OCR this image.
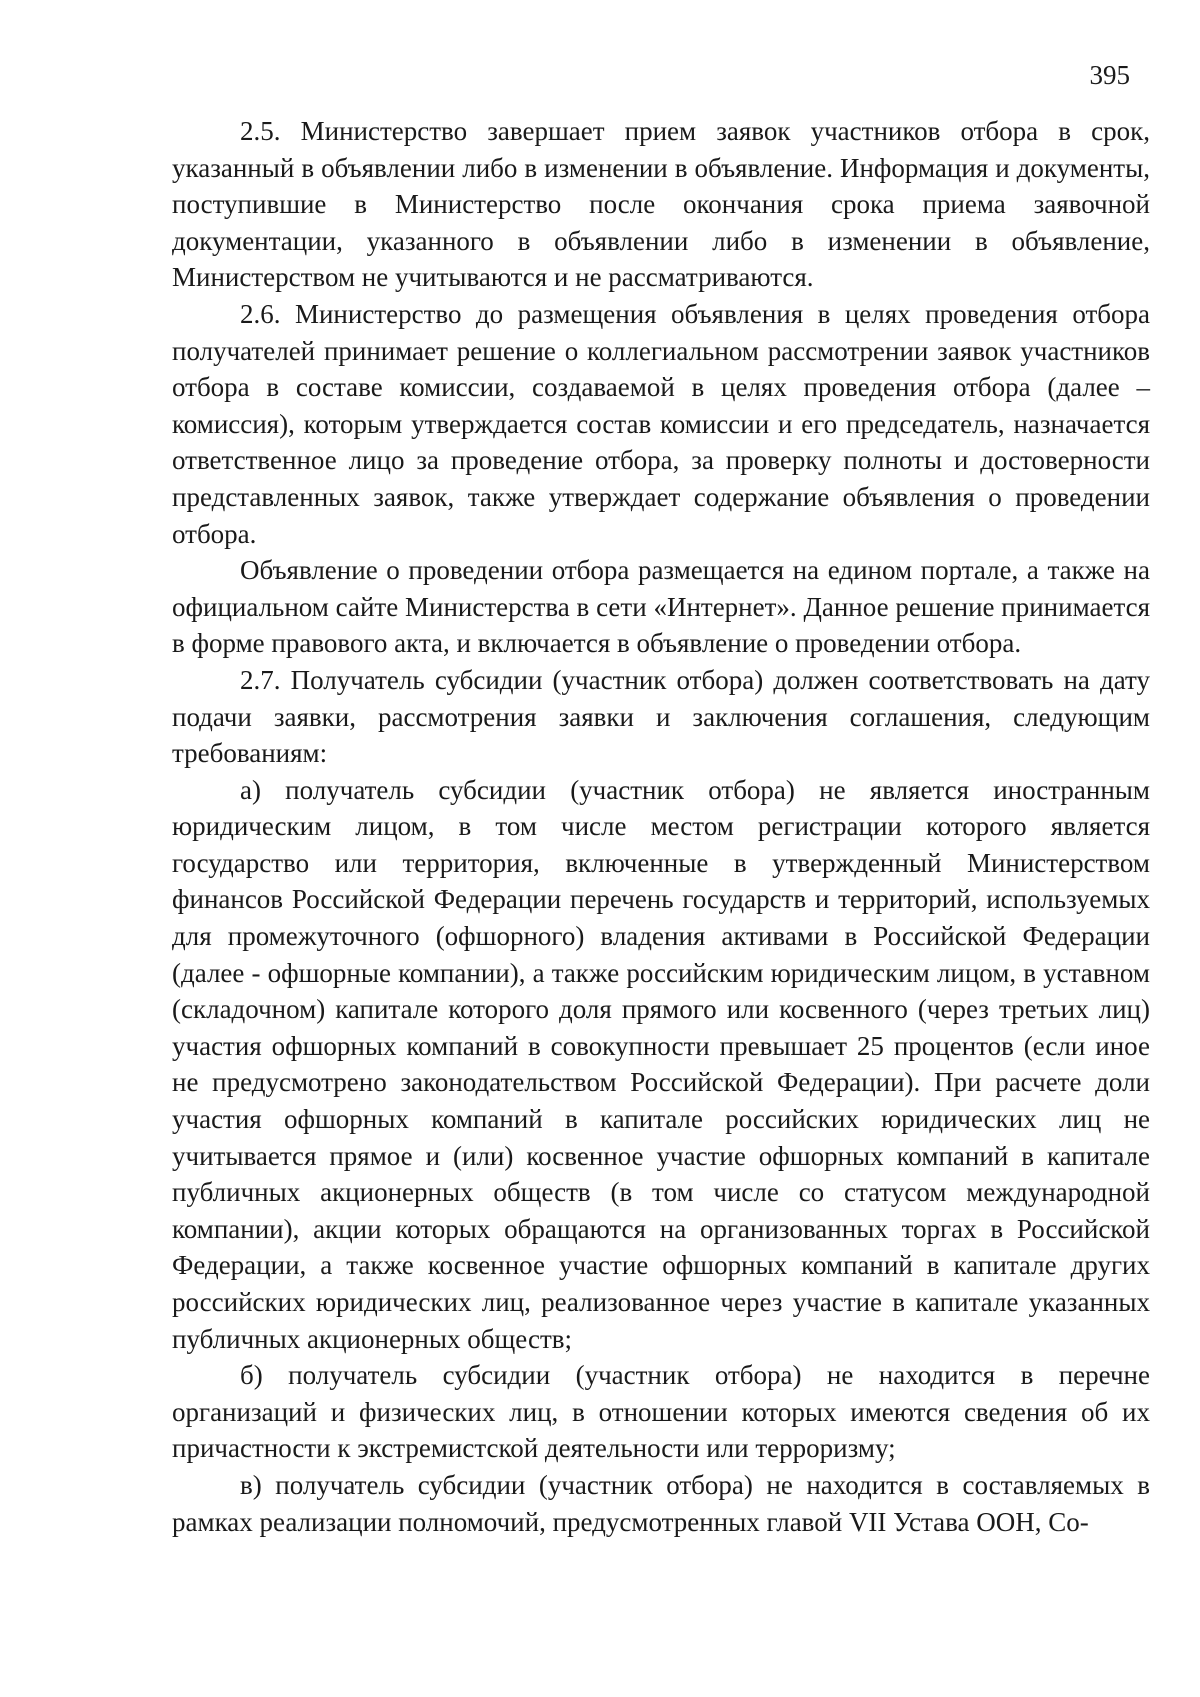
395

2.5. Министерство завершает прием заявок участников отбора в срок, указанный в объявлении либо в изменении в объявление. Информация и документы, поступившие в Министерство после окончания срока приема заявочной документации, указанного в объявлении либо в изменении в объявление, Министерством не учитываются и не рассматриваются.

2.6. Министерство до размещения объявления в целях проведения отбора получателей принимает решение о коллегиальном рассмотрении заявок участников отбора в составе комиссии, создаваемой в целях проведения отбора (далее – комиссия), которым утверждается состав комиссии и его председатель, назначается ответственное лицо за проведение отбора, за проверку полноты и достоверности представленных заявок, также утверждает содержание объявления о проведении отбора.

Объявление о проведении отбора размещается на едином портале, а также на официальном сайте Министерства в сети «Интернет». Данное решение принимается в форме правового акта, и включается в объявление о проведении отбора.

2.7. Получатель субсидии (участник отбора) должен соответствовать на дату подачи заявки, рассмотрения заявки и заключения соглашения, следующим требованиям:

а) получатель субсидии (участник отбора) не является иностранным юридическим лицом, в том числе местом регистрации которого является государство или территория, включенные в утвержденный Министерством финансов Российской Федерации перечень государств и территорий, используемых для промежуточного (офшорного) владения активами в Российской Федерации (далее - офшорные компании), а также российским юридическим лицом, в уставном (складочном) капитале которого доля прямого или косвенного (через третьих лиц) участия офшорных компаний в совокупности превышает 25 процентов (если иное не предусмотрено законодательством Российской Федерации). При расчете доли участия офшорных компаний в капитале российских юридических лиц не учитывается прямое и (или) косвенное участие офшорных компаний в капитале публичных акционерных обществ (в том числе со статусом международной компании), акции которых обращаются на организованных торгах в Российской Федерации, а также косвенное участие офшорных компаний в капитале других российских юридических лиц, реализованное через участие в капитале указанных публичных акционерных обществ;

б) получатель субсидии (участник отбора) не находится в перечне организаций и физических лиц, в отношении которых имеются сведения об их причастности к экстремистской деятельности или терроризму;

в) получатель субсидии (участник отбора) не находится в составляемых в рамках реализации полномочий, предусмотренных главой VII Устава ООН, Со-
